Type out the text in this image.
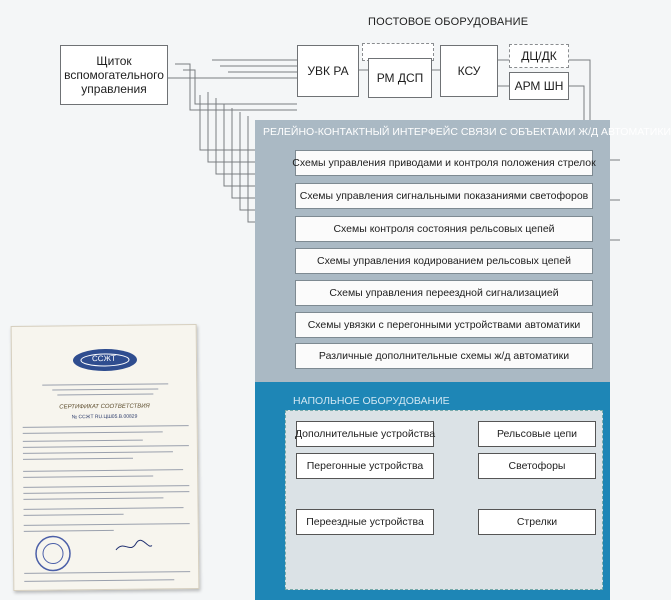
ПОСТОВОЕ ОБОРУДОВАНИЕ
Щиток вспомогательного управления
УВК РА	РМ ДСП	КСУ
ДЦ/ДК
АРМ ШН
РЕЛЕЙНО-КОНТАКТНЫЙ ИНТЕРФЕЙС СВЯЗИ С ОБЪЕКТАМИ Ж/Д АВТОМАТИКИ
Схемы управления приводами и контроля положения стрелок
Схемы управления сигнальными показаниями светофоров
Схемы контроля состояния рельсовых цепей
Схемы управления кодированием рельсовых цепей
Схемы управления переездной сигнализацией
Схемы увязки с перегонными устройствами автоматики
Различные дополнительные схемы ж/д автоматики
НАПОЛЬНОЕ ОБОРУДОВАНИЕ
Дополнительные устройства
Перегонные устройства
Переездные устройства
Рельсовые цепи
Светофоры
Стрелки
ССЖТ
СЕРТИФИКАТ СООТВЕТСТВИЯ
№ ССЖТ RU.ЦШ05.В.00829
